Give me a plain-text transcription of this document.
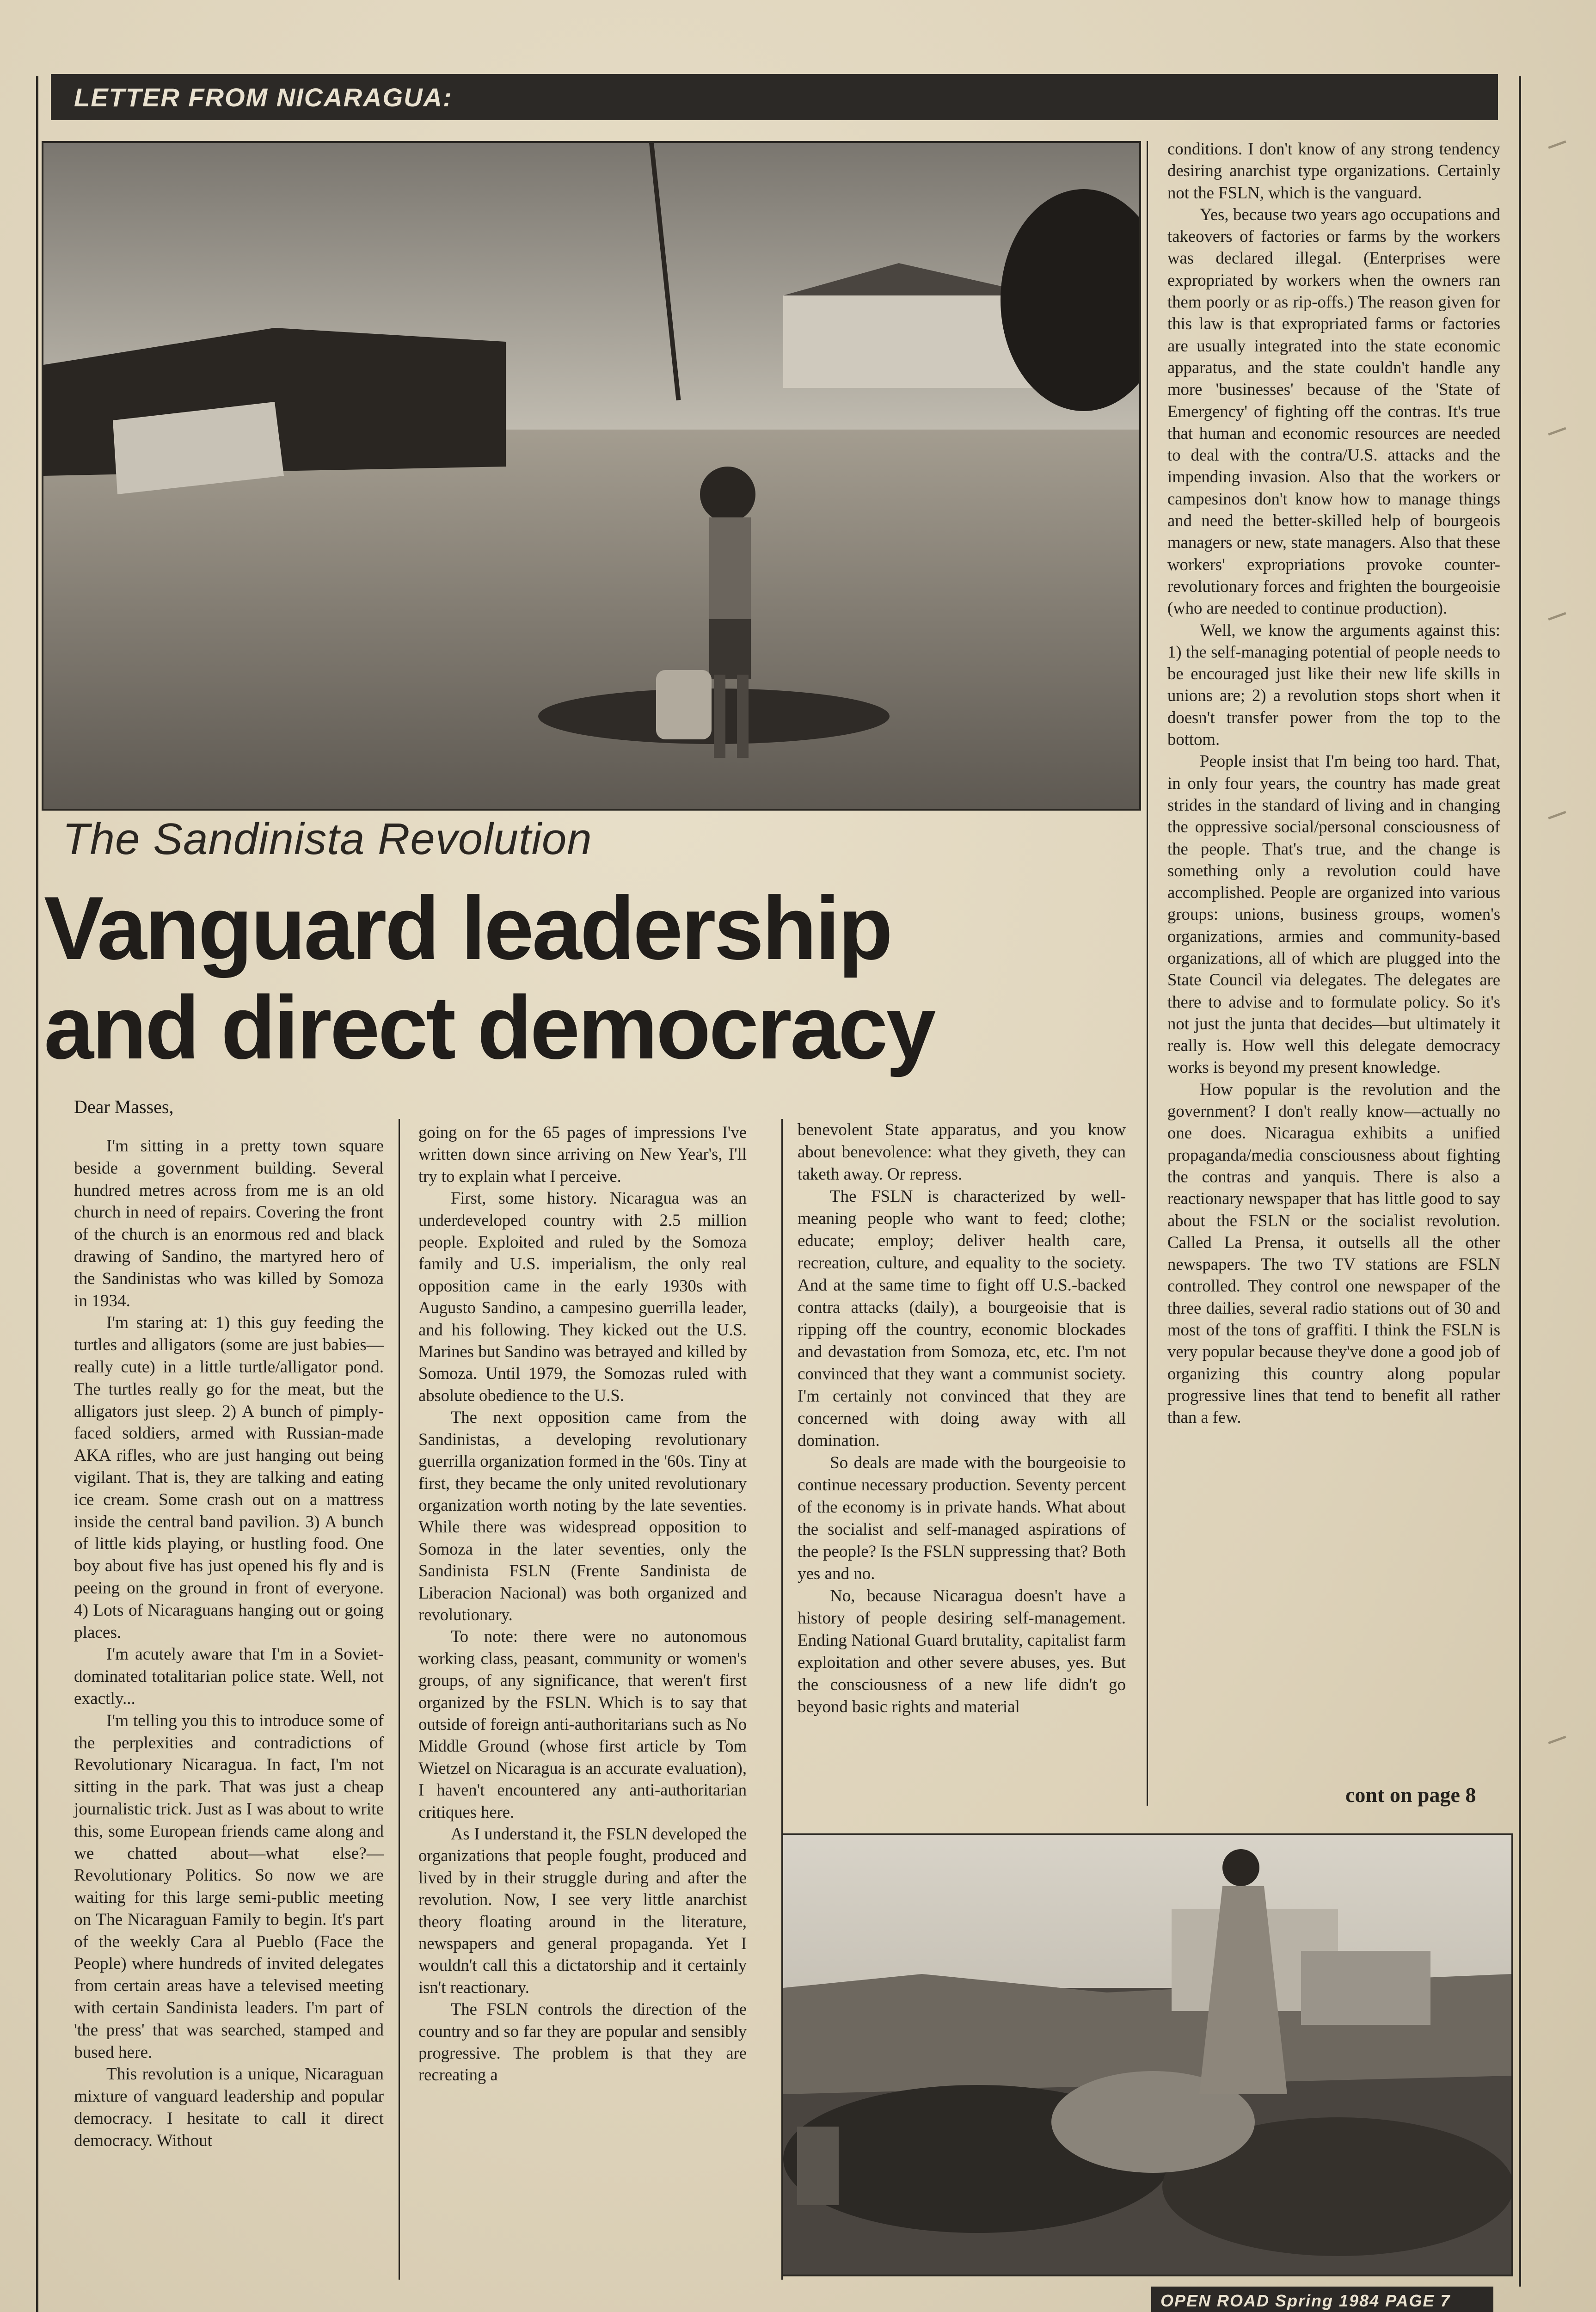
LETTER FROM NICARAGUA:
The Sandinista Revolution
Vanguard leadership
and direct democracy
Dear Masses,

I'm sitting in a pretty town square beside a government building. Several hundred metres across from me is an old church in need of repairs. Covering the front of the church is an enormous red and black drawing of Sandino, the martyred hero of the Sandinistas who was killed by Somoza in 1934.

I'm staring at: 1) this guy feeding the turtles and alligators (some are just babies—really cute) in a little turtle/alligator pond. The turtles really go for the meat, but the alligators just sleep. 2) A bunch of pimply-faced soldiers, armed with Russian-made AKA rifles, who are just hanging out being vigilant. That is, they are talking and eating ice cream. Some crash out on a mattress inside the central band pavilion. 3) A bunch of little kids playing, or hustling food. One boy about five has just opened his fly and is peeing on the ground in front of everyone. 4) Lots of Nicaraguans hanging out or going places.

I'm acutely aware that I'm in a Soviet-dominated totalitarian police state. Well, not exactly...

I'm telling you this to introduce some of the perplexities and contradictions of Revolutionary Nicaragua. In fact, I'm not sitting in the park. That was just a cheap journalistic trick. Just as I was about to write this, some European friends came along and we chatted about—what else?—Revolutionary Politics. So now we are waiting for this large semi-public meeting on The Nicaraguan Family to begin. It's part of the weekly Cara al Pueblo (Face the People) where hundreds of invited delegates from certain areas have a televised meeting with certain Sandinista leaders. I'm part of 'the press' that was searched, stamped and bused here.

This revolution is a unique, Nicaraguan mixture of vanguard leadership and popular democracy. I hesitate to call it direct democracy. Without

going on for the 65 pages of impressions I've written down since arriving on New Year's, I'll try to explain what I perceive.

First, some history. Nicaragua was an underdeveloped country with 2.5 million people. Exploited and ruled by the Somoza family and U.S. imperialism, the only real opposition came in the early 1930s with Augusto Sandino, a campesino guerrilla leader, and his following. They kicked out the U.S. Marines but Sandino was betrayed and killed by Somoza. Until 1979, the Somozas ruled with absolute obedience to the U.S.

The next opposition came from the Sandinistas, a developing revolutionary guerrilla organization formed in the '60s. Tiny at first, they became the only united revolutionary organization worth noting by the late seventies. While there was widespread opposition to Somoza in the later seventies, only the Sandinista FSLN (Frente Sandinista de Liberacion Nacional) was both organized and revolutionary.

To note: there were no autonomous working class, peasant, community or women's groups, of any significance, that weren't first organized by the FSLN. Which is to say that outside of foreign anti-authoritarians such as No Middle Ground (whose first article by Tom Wietzel on Nicaragua is an accurate evaluation), I haven't encountered any anti-authoritarian critiques here.

As I understand it, the FSLN developed the organizations that people fought, produced and lived by in their struggle during and after the revolution. Now, I see very little anarchist theory floating around in the literature, newspapers and general propaganda. Yet I wouldn't call this a dictatorship and it certainly isn't reactionary.

The FSLN controls the direction of the country and so far they are popular and sensibly progressive. The problem is that they are recreating a

benevolent State apparatus, and you know about benevolence: what they giveth, they can taketh away. Or repress.

The FSLN is characterized by well-meaning people who want to feed; clothe; educate; employ; deliver health care, recreation, culture, and equality to the society. And at the same time to fight off U.S.-backed contra attacks (daily), a bourgeoisie that is ripping off the country, economic blockades and devastation from Somoza, etc, etc. I'm not convinced that they want a communist society. I'm certainly not convinced that they are concerned with doing away with all domination.

So deals are made with the bourgeoisie to continue necessary production. Seventy percent of the economy is in private hands. What about the socialist and self-managed aspirations of the people? Is the FSLN suppressing that? Both yes and no.

No, because Nicaragua doesn't have a history of people desiring self-management. Ending National Guard brutality, capitalist farm exploitation and other severe abuses, yes. But the consciousness of a new life didn't go beyond basic rights and material

conditions. I don't know of any strong tendency desiring anarchist type organizations. Certainly not the FSLN, which is the vanguard.

Yes, because two years ago occupations and takeovers of factories or farms by the workers was declared illegal. (Enterprises were expropriated by workers when the owners ran them poorly or as rip-offs.) The reason given for this law is that expropriated farms or factories are usually integrated into the state economic apparatus, and the state couldn't handle any more 'businesses' because of the 'State of Emergency' of fighting off the contras. It's true that human and economic resources are needed to deal with the contra/U.S. attacks and the impending invasion. Also that the workers or campesinos don't know how to manage things and need the better-skilled help of bourgeois managers or new, state managers. Also that these workers' expropriations provoke counter-revolutionary forces and frighten the bourgeoisie (who are needed to continue production).

Well, we know the arguments against this: 1) the self-managing potential of people needs to be encouraged just like their new life skills in unions are; 2) a revolution stops short when it doesn't transfer power from the top to the bottom.

People insist that I'm being too hard. That, in only four years, the country has made great strides in the standard of living and in changing the oppressive social/personal consciousness of the people. That's true, and the change is something only a revolution could have accomplished. People are organized into various groups: unions, business groups, women's organizations, armies and community-based organizations, all of which are plugged into the State Council via delegates. The delegates are there to advise and to formulate policy. So it's not just the junta that decides—but ultimately it really is. How well this delegate democracy works is beyond my present knowledge.

How popular is the revolution and the government? I don't really know—actually no one does. Nicaragua exhibits a unified propaganda/media consciousness about fighting the contras and yanquis. There is also a reactionary newspaper that has little good to say about the FSLN or the socialist revolution. Called La Prensa, it outsells all the other newspapers. The two TV stations are FSLN controlled. They control one newspaper of the three dailies, several radio stations out of 30 and most of the tons of graffiti. I think the FSLN is very popular because they've done a good job of organizing this country along popular progressive lines that tend to benefit all rather than a few.

cont on page 8
OPEN ROAD Spring 1984 PAGE 7
